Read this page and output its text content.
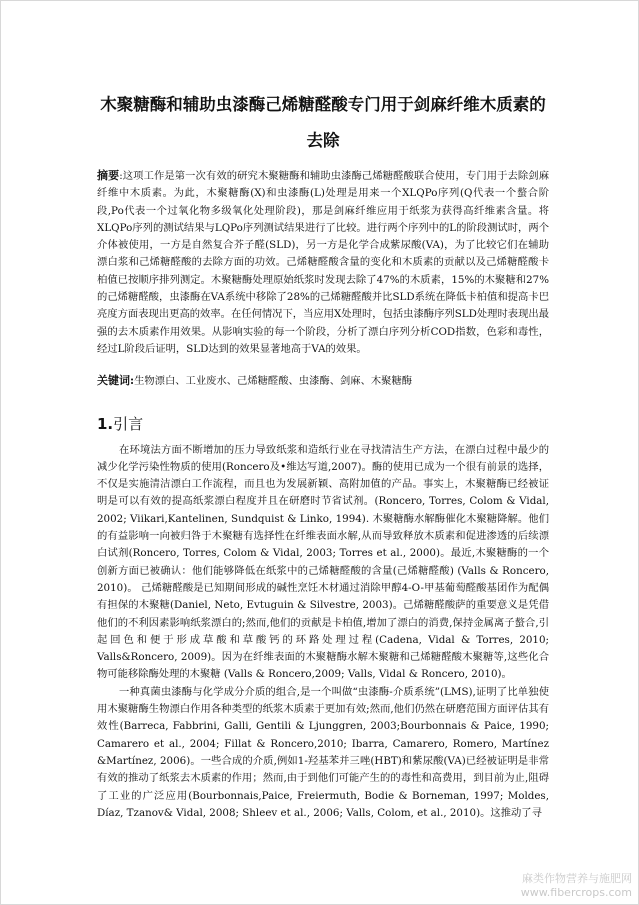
木聚糖酶和辅助虫漆酶己烯糖醛酸专门用于剑麻纤维木质素的去除

摘要:这项工作是第一次有效的研究木聚糖酶和辅助虫漆酶己烯糖醛酸联合使用，专门用于去除剑麻纤维中木质素。为此，木聚糖酶(X)和虫漆酶(L)处理是用来一个XLQPo序列(Q代表一个螯合阶段,Po代表一个过氧化物多级氧化处理阶段)，那是剑麻纤维应用于纸浆为获得高纤维素含量。将XLQPo序列的测试结果与LQPo序列测试结果进行了比较。进行两个序列中的L的阶段测试时，两个介体被使用，一方是自然复合芥子醛(SLD)，另一方是化学合成紫尿酸(VA)，为了比较它们在辅助漂白浆和己烯糖醛酸的去除方面的功效。己烯糖醛酸含量的变化和木质素的贡献以及己烯糖醛酸卡柏值已按顺序排列测定。木聚糖酶处理原始纸浆时发现去除了47%的木质素，15%的木聚糖和27%的己烯糖醛酸，虫漆酶在VA系统中移除了28%的己烯糖醛酸并比SLD系统在降低卡柏值和提高卡巴亮度方面表现出更高的效率。在任何情况下，当应用X处理时，包括虫漆酶序列SLD处理时表现出最强的去木质素作用效果。从影响实验的每一个阶段，分析了漂白序列分析COD指数，色彩和毒性，经过L阶段后证明，SLD达到的效果显著地高于VA的效果。

关键词:生物漂白、工业废水、己烯糖醛酸、虫漆酶、剑麻、木聚糖酶

1.引言

在环境法方面不断增加的压力导致纸浆和造纸行业在寻找清洁生产方法，在漂白过程中最少的减少化学污染性物质的使用(Roncero及•维达写道,2007)。酶的使用已成为一个很有前景的选择，不仅是实施清洁漂白工作流程，而且也为发展新颖、高附加值的产品。事实上，木聚糖酶已经被证明是可以有效的提高纸浆漂白程度并且在研磨时节省试剂。(Roncero, Torres, Colom & Vidal, 2002; Viikari,Kantelinen, Sundquist & Linko, 1994). 木聚糖酶水解酶催化木聚糖降解。他们的有益影响一向被归咎于木聚糖有选择性在纤维表面水解,从而导致释放木质素和促进渗透的后续漂白试剂(Roncero, Torres, Colom & Vidal, 2003; Torres et al., 2000)。最近,木聚糖酶的一个创新方面已被确认：他们能够降低在纸浆中的己烯糖醛酸的含量(己烯糖醛酸) (Valls & Roncero, 2010)。 己烯糖醛酸是已知期间形成的碱性烹饪木材通过消除甲醇4-O-甲基葡萄醛酸基团作为配偶有担保的木聚糖(Daniel, Neto, Evtuguin & Silvestre, 2003)。己烯糖醛酸萨的重要意义是凭借他们的不利因素影响纸浆漂白的;然而,他们的贡献是卡柏值,增加了漂白的消费,保持金属离子螯合,引起回色和便于形成草酸和草酸钙的环路处理过程(Cadena, Vidal & Torres, 2010; Valls&Roncero, 2009)。因为在纤维表面的木聚糖酶水解木聚糖和己烯糖醛酸木聚糖等,这些化合物可能移除酶处理的木聚糖 (Valls & Roncero,2009; Valls, Vidal & Roncero, 2010)。

一种真菌虫漆酶与化学成分介质的组合,是一个叫做“虫漆酶-介质系统”(LMS),证明了比单独使用木聚糖酶生物漂白作用各种类型的纸浆木质素于更加有效;然而,他们仍然在研磨范围方面评估其有效性(Barreca, Fabbrini, Galli, Gentili & Ljunggren, 2003;Bourbonnais & Paice, 1990; Camarero et al., 2004; Fillat & Roncero,2010; Ibarra, Camarero, Romero, Martínez &Martínez, 2006)。一些合成的介质,例如1-羟基苯并三唑(HBT)和紫尿酸(VA)已经被证明是非常有效的推动了纸浆去木质素的作用；然而,由于到他们可能产生的的毒性和高费用，到目前为止,阻碍了工业的广泛应用(Bourbonnais,Paice, Freiermuth, Bodie & Borneman, 1997; Moldes, Díaz, Tzanov& Vidal, 2008; Shleev et al., 2006; Valls, Colom, et al., 2010)。这推动了寻

麻类作物营养与施肥网
www.fibercrops.com
